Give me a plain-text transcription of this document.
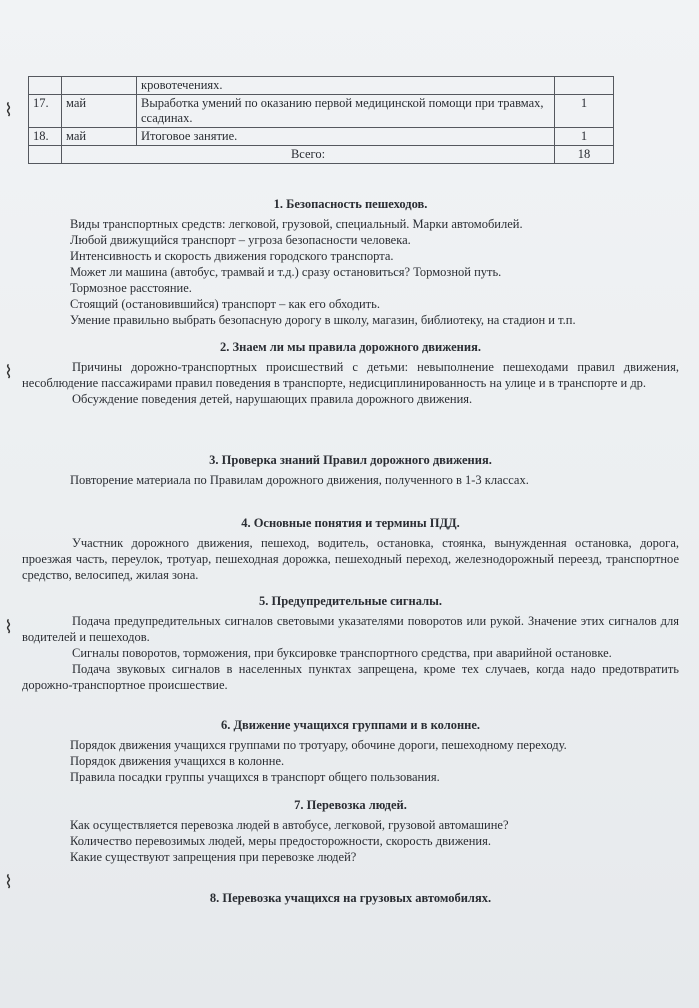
		кровотечениях.	
17.	май	Выработка умений по оказанию первой медицинской помощи при травмах, ссадинах.	1
18.	май	Итоговое занятие.	1
	Всего:		18
⌇
⌇
⌇
⌇
1. Безопасность пешеходов.

Виды транспортных средств: легковой, грузовой, специальный. Марки автомобилей.

Любой движущийся транспорт – угроза безопасности человека.

Интенсивность и скорость движения городского транспорта.

Может ли машина (автобус, трамвай и т.д.) сразу остановиться? Тормозной путь.

Тормозное расстояние.

Стоящий (остановившийся) транспорт – как его обходить.

Умение правильно выбрать безопасную дорогу в школу, магазин, библиотеку, на стадион и т.п.

2. Знаем ли мы правила дорожного движения.

Причины дорожно-транспортных происшествий с детьми: невыполнение пешеходами правил движения, несоблюдение пассажирами правил поведения в транспорте, недисциплинированность на улице и в транспорте и др.

Обсуждение поведения детей, нарушающих правила дорожного движения.

3. Проверка знаний Правил дорожного движения.

Повторение материала по Правилам дорожного движения, полученного в 1-3 классах.

4. Основные понятия и термины ПДД.

Участник дорожного движения, пешеход, водитель, остановка, стоянка, вынужденная остановка, дорога, проезжая часть, переулок, тротуар, пешеходная дорожка, пешеходный переход, железнодорожный переезд, транспортное средство, велосипед, жилая зона.

5. Предупредительные сигналы.

Подача предупредительных сигналов световыми указателями поворотов или рукой. Значение этих сигналов для водителей и пешеходов.

Сигналы поворотов, торможения, при буксировке транспортного средства, при аварийной остановке.

Подача звуковых сигналов в населенных пунктах запрещена, кроме тех случаев, когда надо предотвратить дорожно-транспортное происшествие.

6. Движение учащихся группами и в колонне.

Порядок движения учащихся группами по тротуару, обочине дороги, пешеходному переходу.

Порядок движения учащихся в колонне.

Правила посадки группы учащихся в транспорт общего пользования.

7. Перевозка людей.

Как осуществляется перевозка людей в автобусе, легковой, грузовой автомашине?

Количество перевозимых людей, меры предосторожности, скорость движения.

Какие существуют запрещения при перевозке людей?

8. Перевозка учащихся на грузовых автомобилях.
